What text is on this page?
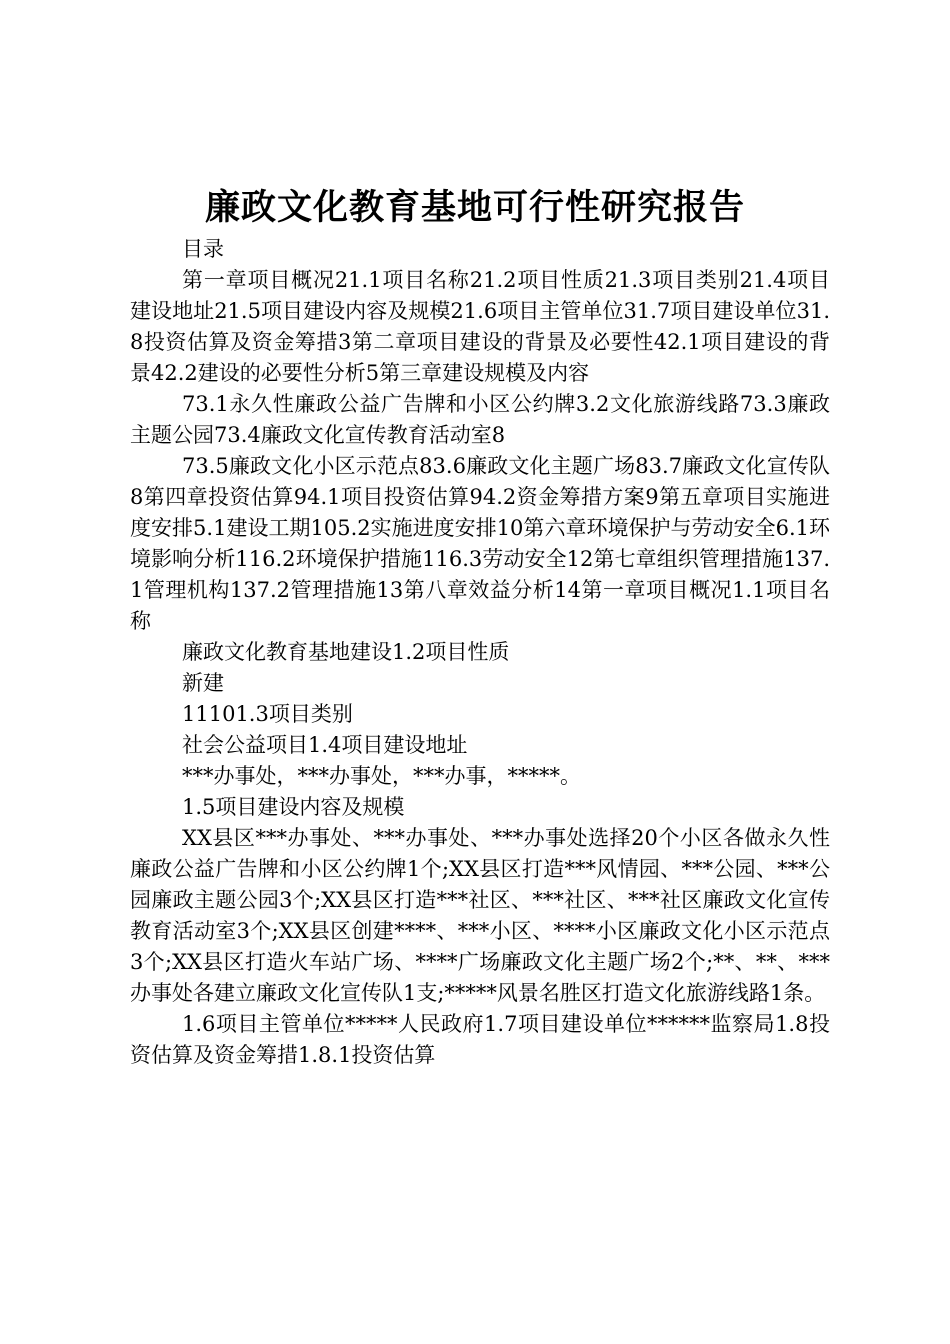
廉政文化教育基地可行性研究报告

目录

第一章项目概况21.1项目名称21.2项目性质21.3项目类别21.4项目建设地址21.5项目建设内容及规模21.6项目主管单位31.7项目建设单位31.8投资估算及资金筹措3第二章项目建设的背景及必要性42.1项目建设的背景42.2建设的必要性分析5第三章建设规模及内容

73.1永久性廉政公益广告牌和小区公约牌3.2文化旅游线路73.3廉政主题公园73.4廉政文化宣传教育活动室8

73.5廉政文化小区示范点83.6廉政文化主题广场83.7廉政文化宣传队8第四章投资估算94.1项目投资估算94.2资金筹措方案9第五章项目实施进度安排5.1建设工期105.2实施进度安排10第六章环境保护与劳动安全6.1环境影响分析116.2环境保护措施116.3劳动安全12第七章组织管理措施137.1管理机构137.2管理措施13第八章效益分析14第一章项目概况1.1项目名称

廉政文化教育基地建设1.2项目性质

新建

11101.3项目类别

社会公益项目1.4项目建设地址

***办事处，***办事处，***办事，*****。

1.5项目建设内容及规模

XX县区***办事处、***办事处、***办事处选择20个小区各做永久性廉政公益广告牌和小区公约牌1个;XX县区打造***风情园、***公园、***公园廉政主题公园3个;XX县区打造***社区、***社区、***社区廉政文化宣传教育活动室3个;XX县区创建****、***小区、****小区廉政文化小区示范点3个;XX县区打造火车站广场、****广场廉政文化主题广场2个;**、**、***办事处各建立廉政文化宣传队1支;*****风景名胜区打造文化旅游线路1条。

1.6项目主管单位*****人民政府1.7项目建设单位******监察局1.8投资估算及资金筹措1.8.1投资估算
